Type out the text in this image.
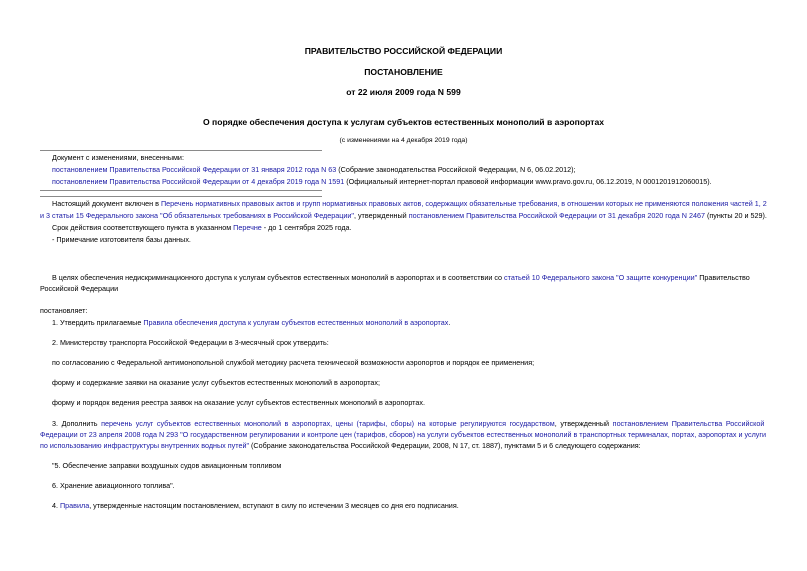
ПРАВИТЕЛЬСТВО РОССИЙСКОЙ ФЕДЕРАЦИИ
ПОСТАНОВЛЕНИЕ
от 22 июля 2009 года N 599
О порядке обеспечения доступа к услугам субъектов естественных монополий в аэропортах
(с изменениями на 4 декабря 2019 года)
Документ с изменениями, внесенными:
постановлением Правительства Российской Федерации от 31 января 2012 года N 63 (Собрание законодательства Российской Федерации, N 6, 06.02.2012);
постановлением Правительства Российской Федерации от 4 декабря 2019 года N 1591 (Официальный интернет-портал правовой информации www.pravo.gov.ru, 06.12.2019, N 0001201912060015).
Настоящий документ включен в Перечень нормативных правовых актов и групп нормативных правовых актов, содержащих обязательные требования, в отношении которых не применяются положения частей 1, 2
и 3 статьи 15 Федерального закона "Об обязательных требованиях в Российской Федерации", утвержденный постановлением Правительства Российской Федерации от 31 декабря 2020 года N 2467 (пункты 20 и 529).
Срок действия соответствующего пункта в указанном Перечне - до 1 сентября 2025 года.
- Примечание изготовителя базы данных.
В целях обеспечения недискриминационного доступа к услугам субъектов естественных монополий в аэропортах и в соответствии со статьей 10 Федерального закона "О защите конкуренции" Правительство
Российской Федерации
постановляет:
1. Утвердить прилагаемые Правила обеспечения доступа к услугам субъектов естественных монополий в аэропортах.
2. Министерству транспорта Российской Федерации в 3-месячный срок утвердить:
по согласованию с Федеральной антимонопольной службой методику расчета технической возможности аэропортов и порядок ее применения;
форму и содержание заявки на оказание услуг субъектов естественных монополий в аэропортах;
форму и порядок ведения реестра заявок на оказание услуг субъектов естественных монополий в аэропортах.
3. Дополнить перечень услуг субъектов естественных монополий в аэропортах, цены (тарифы, сборы) на которые регулируются государством, утвержденный постановлением Правительства Российской
Федерации от 23 апреля 2008 года N 293 "О государственном регулировании и контроле цен (тарифов, сборов) на услуги субъектов естественных монополий в транспортных терминалах, портах, аэропортах и услуги
по использованию инфраструктуры внутренних водных путей" (Собрание законодательства Российской Федерации, 2008, N 17, ст. 1887), пунктами 5 и 6 следующего содержания:
"5. Обеспечение заправки воздушных судов авиационным топливом
6. Хранение авиационного топлива".
4. Правила, утвержденные настоящим постановлением, вступают в силу по истечении 3 месяцев со дня его подписания.
